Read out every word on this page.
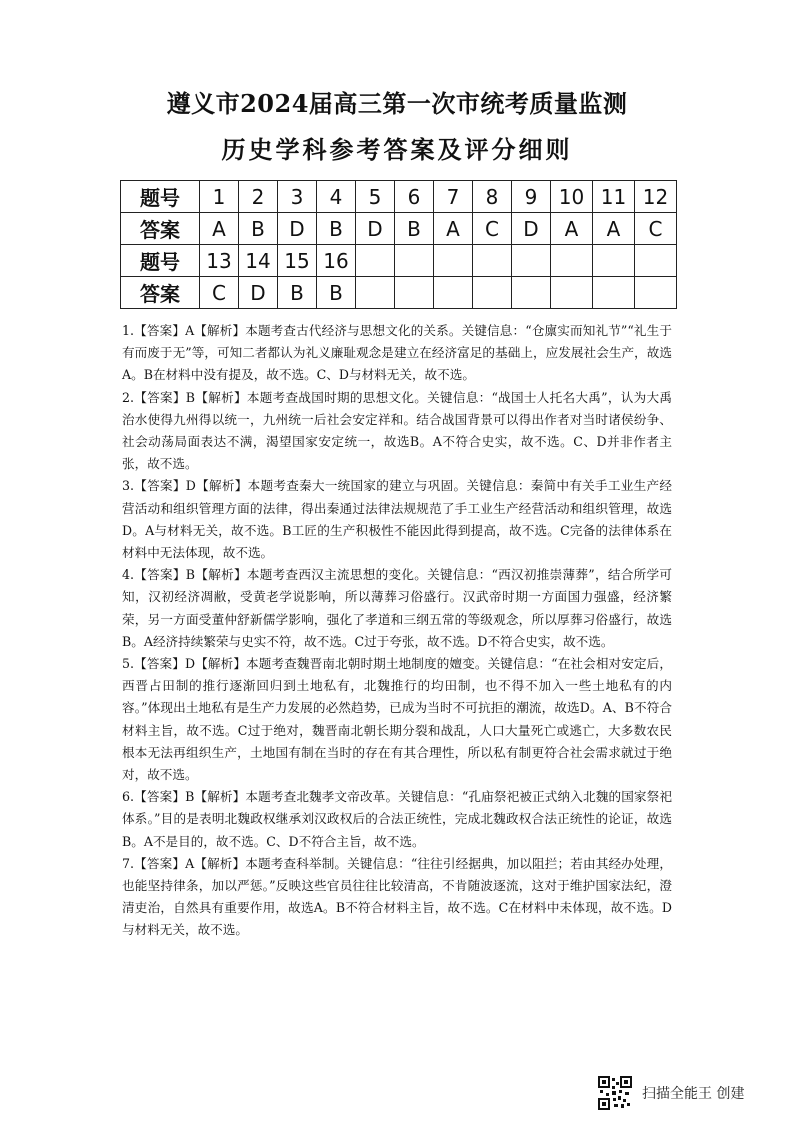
遵义市2024届高三第一次市统考质量监测
历史学科参考答案及评分细则
题号	1	2	3	4	5	6	7	8	9	10	11	12
答案	A	B	D	B	D	B	A	C	D	A	A	C
题号	13	14	15	16								
答案	C	D	B	B								

1.【答案】A【解析】本题考查古代经济与思想文化的关系。关键信息：“仓廪实而知礼节”“礼生于有而废于无”等，可知二者都认为礼义廉耻观念是建立在经济富足的基础上，应发展社会生产，故选A。B在材料中没有提及，故不选。C、D与材料无关，故不选。

2.【答案】B【解析】本题考查战国时期的思想文化。关键信息：“战国士人托名大禹”，认为大禹治水使得九州得以统一，九州统一后社会安定祥和。结合战国背景可以得出作者对当时诸侯纷争、社会动荡局面表达不满，渴望国家安定统一，故选B。A不符合史实，故不选。C、D并非作者主张，故不选。

3.【答案】D【解析】本题考查秦大一统国家的建立与巩固。关键信息：秦简中有关手工业生产经营活动和组织管理方面的法律，得出秦通过法律法规规范了手工业生产经营活动和组织管理，故选D。A与材料无关，故不选。B工匠的生产积极性不能因此得到提高，故不选。C完备的法律体系在材料中无法体现，故不选。

4.【答案】B【解析】本题考查西汉主流思想的变化。关键信息：“西汉初推崇薄葬”，结合所学可知，汉初经济凋敝，受黄老学说影响，所以薄葬习俗盛行。汉武帝时期一方面国力强盛，经济繁荣，另一方面受董仲舒新儒学影响，强化了孝道和三纲五常的等级观念，所以厚葬习俗盛行，故选B。A经济持续繁荣与史实不符，故不选。C过于夸张，故不选。D不符合史实，故不选。

5.【答案】D【解析】本题考查魏晋南北朝时期土地制度的嬗变。关键信息：“在社会相对安定后，西晋占田制的推行逐渐回归到土地私有，北魏推行的均田制，也不得不加入一些土地私有的内容。”体现出土地私有是生产力发展的必然趋势，已成为当时不可抗拒的潮流，故选D。A、B不符合材料主旨，故不选。C过于绝对，魏晋南北朝长期分裂和战乱，人口大量死亡或逃亡，大多数农民根本无法再组织生产，土地国有制在当时的存在有其合理性，所以私有制更符合社会需求就过于绝对，故不选。

6.【答案】B【解析】本题考查北魏孝文帝改革。关键信息：“孔庙祭祀被正式纳入北魏的国家祭祀体系。”目的是表明北魏政权继承刘汉政权后的合法正统性，完成北魏政权合法正统性的论证，故选B。A不是目的，故不选。C、D不符合主旨，故不选。

7.【答案】A【解析】本题考查科举制。关键信息：“往往引经据典，加以阻拦；若由其经办处理，也能坚持律条，加以严惩。”反映这些官员往往比较清高，不肯随波逐流，这对于维护国家法纪，澄清吏治，自然具有重要作用，故选A。B不符合材料主旨，故不选。C在材料中未体现，故不选。D与材料无关，故不选。

扫描全能王 创建
